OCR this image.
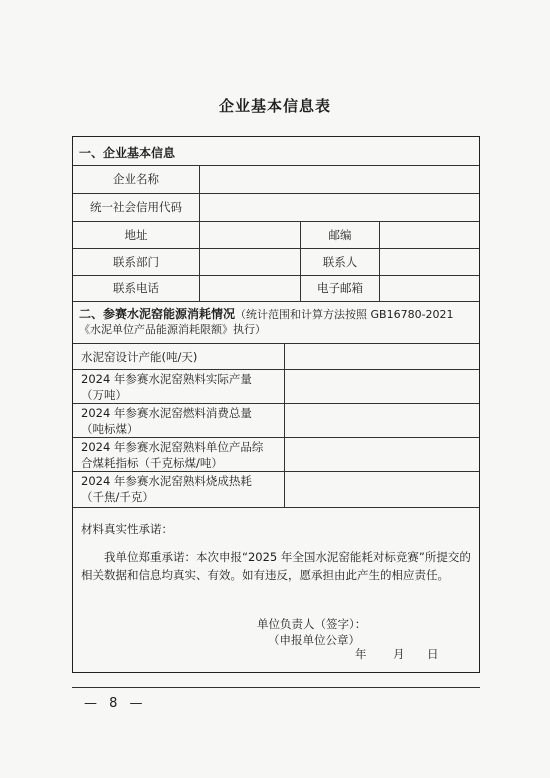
企业基本信息表
一、企业基本信息
企业名称
统一社会信用代码
地址	邮编
联系部门	联系人
联系电话	电子邮箱
二、参赛水泥窑能源消耗情况（统计范围和计算方法按照 GB16780-2021
《水泥单位产品能源消耗限额》执行）
水泥窑设计产能(吨/天)
2024 年参赛水泥窑熟料实际产量
（万吨）
2024 年参赛水泥窑燃料消费总量
（吨标煤）
2024 年参赛水泥窑熟料单位产品综
合煤耗指标（千克标煤/吨）
2024 年参赛水泥窑熟料烧成热耗
（千焦/千克）
材料真实性承诺：
我单位郑重承诺：本次申报“2025 年全国水泥窑能耗对标竞赛”所提交的相关数据和信息均真实、有效。如有违反，愿承担由此产生的相应责任。
单位负责人（签字）：
（申报单位公章）
年 月 日
— 8 —
